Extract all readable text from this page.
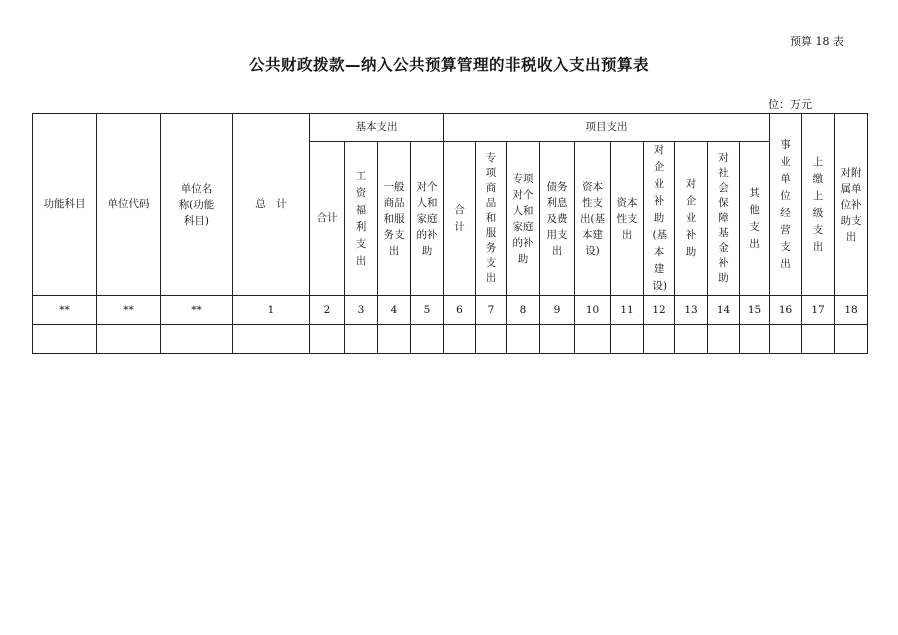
预算 18 表
公共财政拨款—纳入公共预算管理的非税收入支出预算表
位：万元
功能科目	单位代码	单位名称(功能科目)	总　计	基本支出				项目支出										事业单位经营支出	上缴上级支出	对附属单位补助支出
				合计	工资福利支出	一般商品和服务支出	对个人和家庭的补助	合计	专项商品和服务支出	专项对个人和家庭的补助	债务利息及费用支出	资本性支出(基本建设)	资本性支出	对企业补助(基本建设)	对企业补助	对社会保障基金补助	其他支出			
**	**	**	1	2	3	4	5	6	7	8	9	10	11	12	13	14	15	16	17	18
